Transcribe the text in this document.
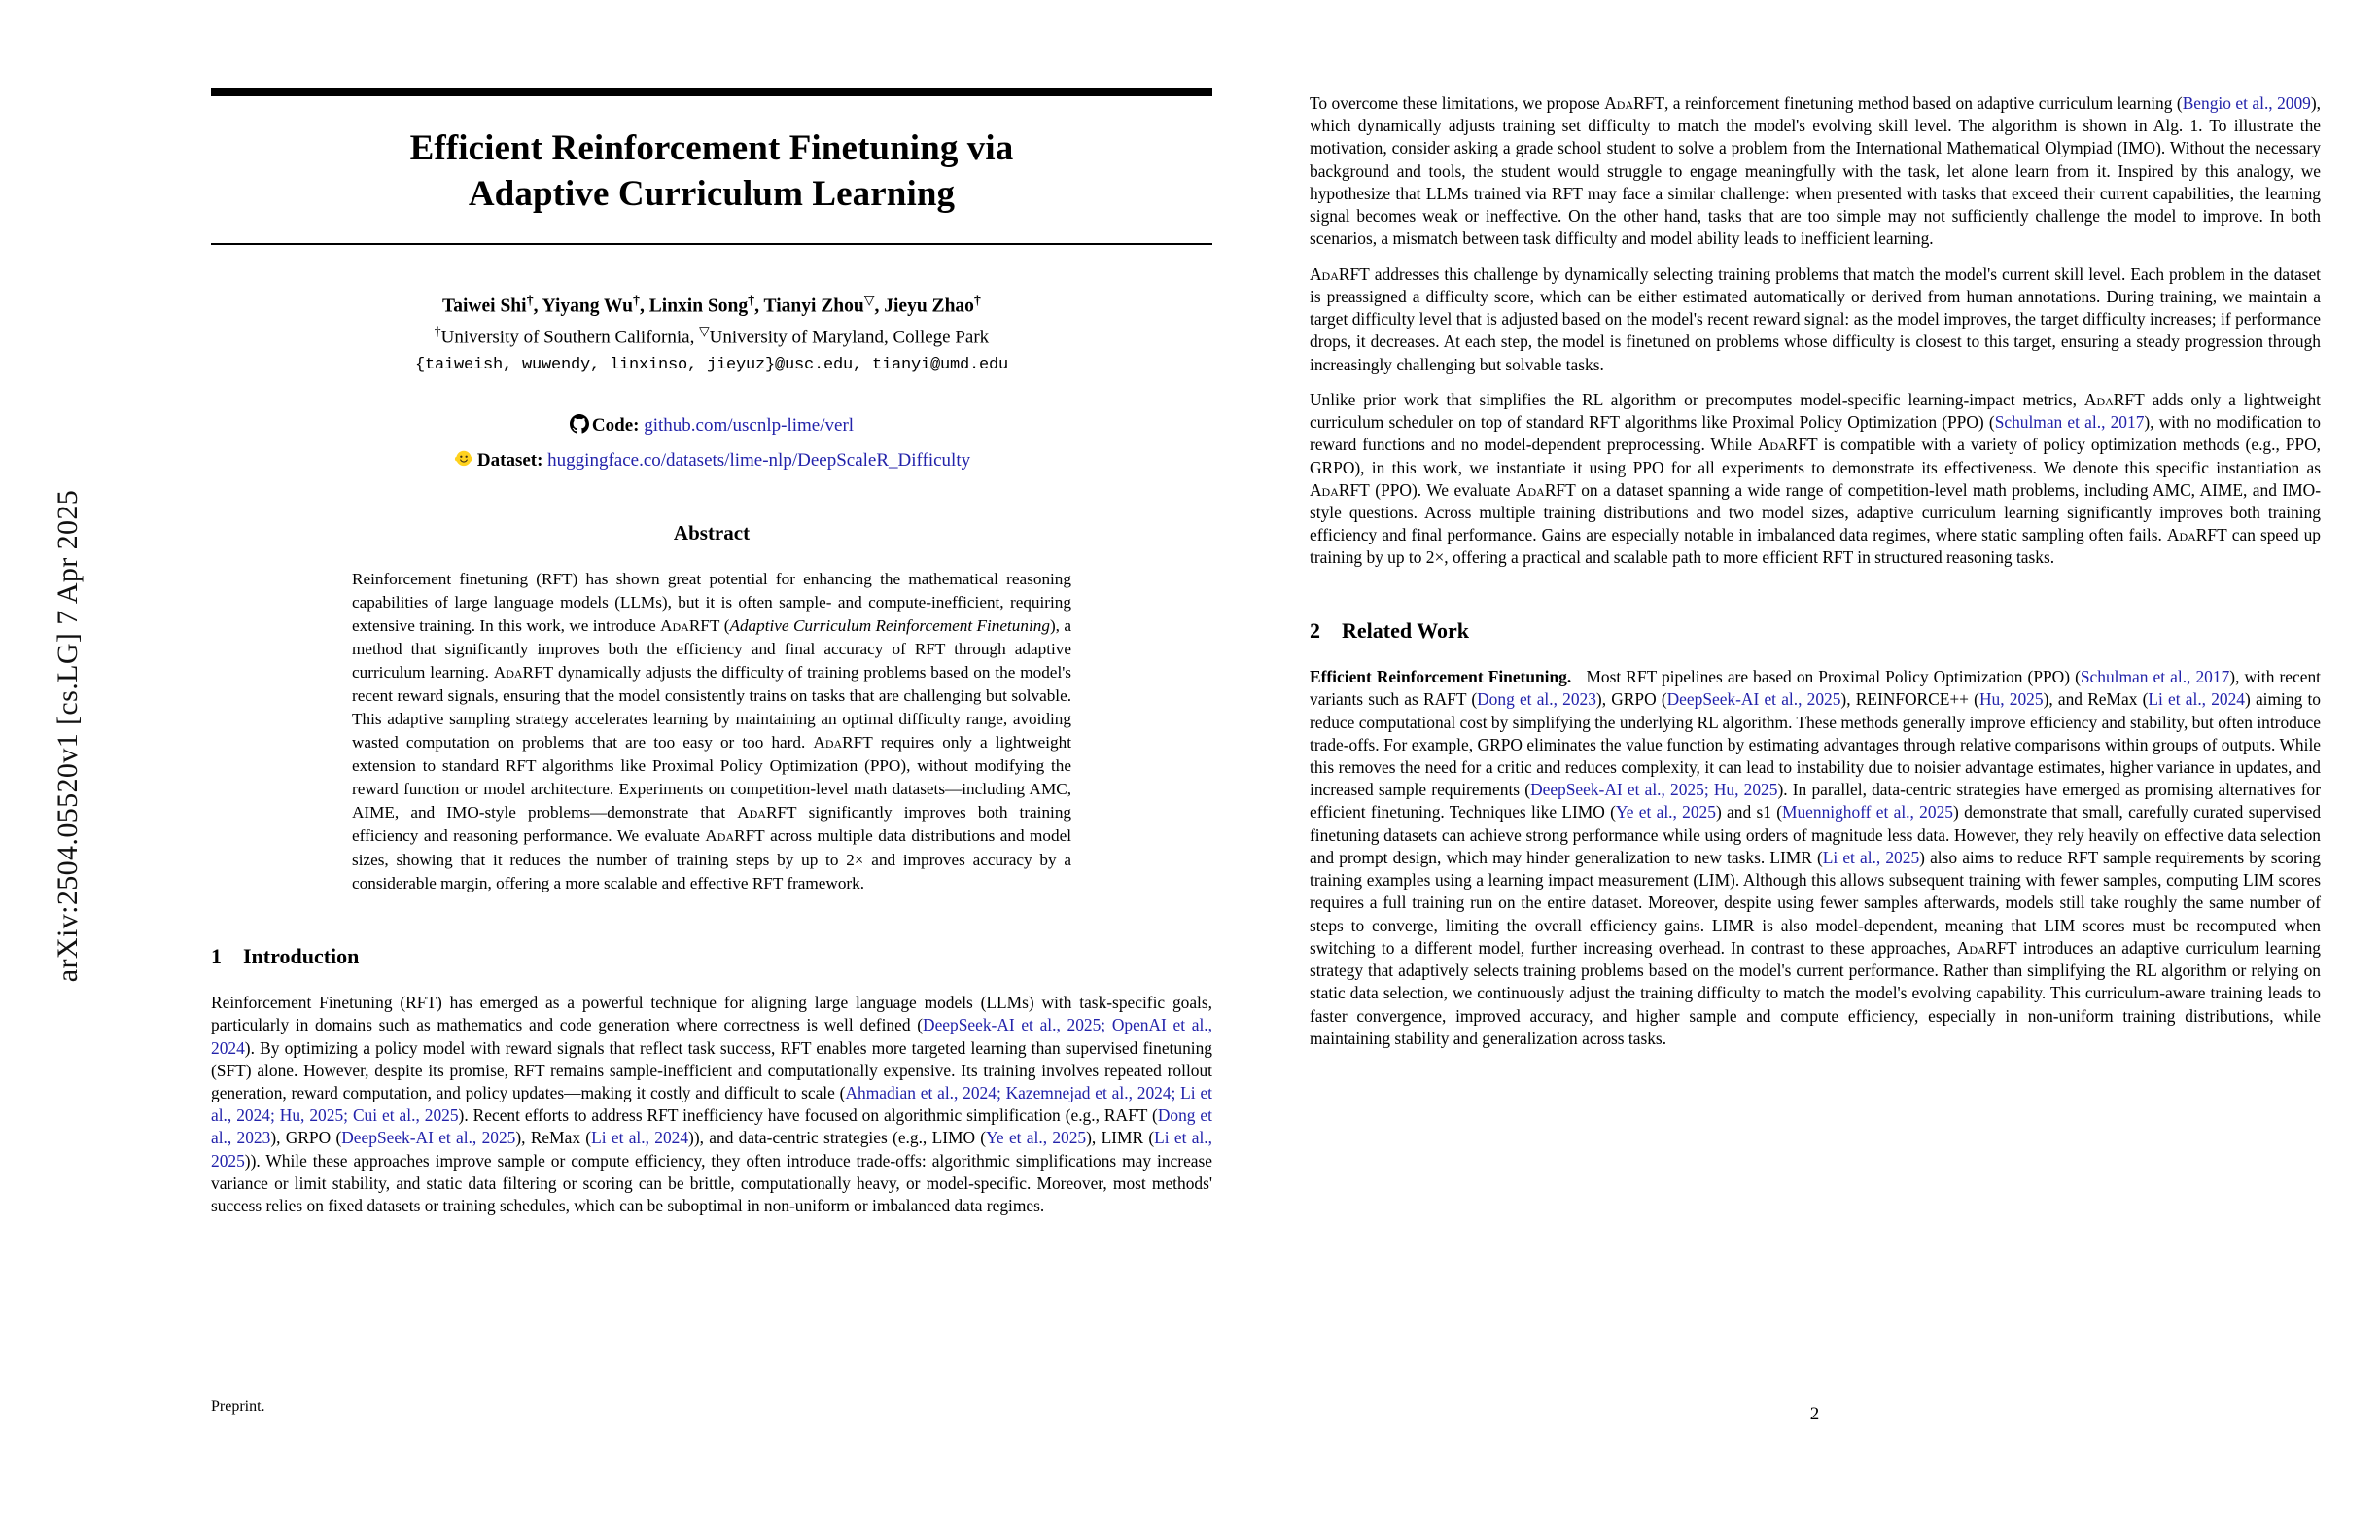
arXiv:2504.05520v1 [cs.LG] 7 Apr 2025
Efficient Reinforcement Finetuning via
Adaptive Curriculum Learning
Taiwei Shi†, Yiyang Wu†, Linxin Song†, Tianyi Zhou▽, Jieyu Zhao†
†University of Southern California, ▽University of Maryland, College Park
{taiweish, wuwendy, linxinso, jieyuz}@usc.edu, tianyi@umd.edu
Code: github.com/uscnlp-lime/verl
Dataset: huggingface.co/datasets/lime-nlp/DeepScaleR_Difficulty
Abstract
Reinforcement finetuning (RFT) has shown great potential for enhancing the mathematical reasoning capabilities of large language models (LLMs), but it is often sample- and compute-inefficient, requiring extensive training. In this work, we introduce AdaRFT (Adaptive Curriculum Reinforcement Finetuning), a method that significantly improves both the efficiency and final accuracy of RFT through adaptive curriculum learning. AdaRFT dynamically adjusts the difficulty of training problems based on the model's recent reward signals, ensuring that the model consistently trains on tasks that are challenging but solvable. This adaptive sampling strategy accelerates learning by maintaining an optimal difficulty range, avoiding wasted computation on problems that are too easy or too hard. AdaRFT requires only a lightweight extension to standard RFT algorithms like Proximal Policy Optimization (PPO), without modifying the reward function or model architecture. Experiments on competition-level math datasets—including AMC, AIME, and IMO-style problems—demonstrate that AdaRFT significantly improves both training efficiency and reasoning performance. We evaluate AdaRFT across multiple data distributions and model sizes, showing that it reduces the number of training steps by up to 2× and improves accuracy by a considerable margin, offering a more scalable and effective RFT framework.
1 Introduction

Reinforcement Finetuning (RFT) has emerged as a powerful technique for aligning large language models (LLMs) with task-specific goals, particularly in domains such as mathematics and code generation where correctness is well defined (DeepSeek-AI et al., 2025; OpenAI et al., 2024). By optimizing a policy model with reward signals that reflect task success, RFT enables more targeted learning than supervised finetuning (SFT) alone. However, despite its promise, RFT remains sample-inefficient and computationally expensive. Its training involves repeated rollout generation, reward computation, and policy updates—making it costly and difficult to scale (Ahmadian et al., 2024; Kazemnejad et al., 2024; Li et al., 2024; Hu, 2025; Cui et al., 2025). Recent efforts to address RFT inefficiency have focused on algorithmic simplification (e.g., RAFT (Dong et al., 2023), GRPO (DeepSeek-AI et al., 2025), ReMax (Li et al., 2024)), and data-centric strategies (e.g., LIMO (Ye et al., 2025), LIMR (Li et al., 2025)). While these approaches improve sample or compute efficiency, they often introduce trade-offs: algorithmic simplifications may increase variance or limit stability, and static data filtering or scoring can be brittle, computationally heavy, or model-specific. Moreover, most methods' success relies on fixed datasets or training schedules, which can be suboptimal in non-uniform or imbalanced data regimes.

Preprint.

To overcome these limitations, we propose AdaRFT, a reinforcement finetuning method based on adaptive curriculum learning (Bengio et al., 2009), which dynamically adjusts training set difficulty to match the model's evolving skill level. The algorithm is shown in Alg. 1. To illustrate the motivation, consider asking a grade school student to solve a problem from the International Mathematical Olympiad (IMO). Without the necessary background and tools, the student would struggle to engage meaningfully with the task, let alone learn from it. Inspired by this analogy, we hypothesize that LLMs trained via RFT may face a similar challenge: when presented with tasks that exceed their current capabilities, the learning signal becomes weak or ineffective. On the other hand, tasks that are too simple may not sufficiently challenge the model to improve. In both scenarios, a mismatch between task difficulty and model ability leads to inefficient learning.

AdaRFT addresses this challenge by dynamically selecting training problems that match the model's current skill level. Each problem in the dataset is preassigned a difficulty score, which can be either estimated automatically or derived from human annotations. During training, we maintain a target difficulty level that is adjusted based on the model's recent reward signal: as the model improves, the target difficulty increases; if performance drops, it decreases. At each step, the model is finetuned on problems whose difficulty is closest to this target, ensuring a steady progression through increasingly challenging but solvable tasks.

Unlike prior work that simplifies the RL algorithm or precomputes model-specific learning-impact metrics, AdaRFT adds only a lightweight curriculum scheduler on top of standard RFT algorithms like Proximal Policy Optimization (PPO) (Schulman et al., 2017), with no modification to reward functions and no model-dependent preprocessing. While AdaRFT is compatible with a variety of policy optimization methods (e.g., PPO, GRPO), in this work, we instantiate it using PPO for all experiments to demonstrate its effectiveness. We denote this specific instantiation as AdaRFT (PPO). We evaluate AdaRFT on a dataset spanning a wide range of competition-level math problems, including AMC, AIME, and IMO-style questions. Across multiple training distributions and two model sizes, adaptive curriculum learning significantly improves both training efficiency and final performance. Gains are especially notable in imbalanced data regimes, where static sampling often fails. AdaRFT can speed up training by up to 2×, offering a practical and scalable path to more efficient RFT in structured reasoning tasks.

2 Related Work

Efficient Reinforcement Finetuning. Most RFT pipelines are based on Proximal Policy Optimization (PPO) (Schulman et al., 2017), with recent variants such as RAFT (Dong et al., 2023), GRPO (DeepSeek-AI et al., 2025), REINFORCE++ (Hu, 2025), and ReMax (Li et al., 2024) aiming to reduce computational cost by simplifying the underlying RL algorithm. These methods generally improve efficiency and stability, but often introduce trade-offs. For example, GRPO eliminates the value function by estimating advantages through relative comparisons within groups of outputs. While this removes the need for a critic and reduces complexity, it can lead to instability due to noisier advantage estimates, higher variance in updates, and increased sample requirements (DeepSeek-AI et al., 2025; Hu, 2025). In parallel, data-centric strategies have emerged as promising alternatives for efficient finetuning. Techniques like LIMO (Ye et al., 2025) and s1 (Muennighoff et al., 2025) demonstrate that small, carefully curated supervised finetuning datasets can achieve strong performance while using orders of magnitude less data. However, they rely heavily on effective data selection and prompt design, which may hinder generalization to new tasks. LIMR (Li et al., 2025) also aims to reduce RFT sample requirements by scoring training examples using a learning impact measurement (LIM). Although this allows subsequent training with fewer samples, computing LIM scores requires a full training run on the entire dataset. Moreover, despite using fewer samples afterwards, models still take roughly the same number of steps to converge, limiting the overall efficiency gains. LIMR is also model-dependent, meaning that LIM scores must be recomputed when switching to a different model, further increasing overhead. In contrast to these approaches, AdaRFT introduces an adaptive curriculum learning strategy that adaptively selects training problems based on the model's current performance. Rather than simplifying the RL algorithm or relying on static data selection, we continuously adjust the training difficulty to match the model's evolving capability. This curriculum-aware training leads to faster convergence, improved accuracy, and higher sample and compute efficiency, especially in non-uniform training distributions, while maintaining stability and generalization across tasks.

2
